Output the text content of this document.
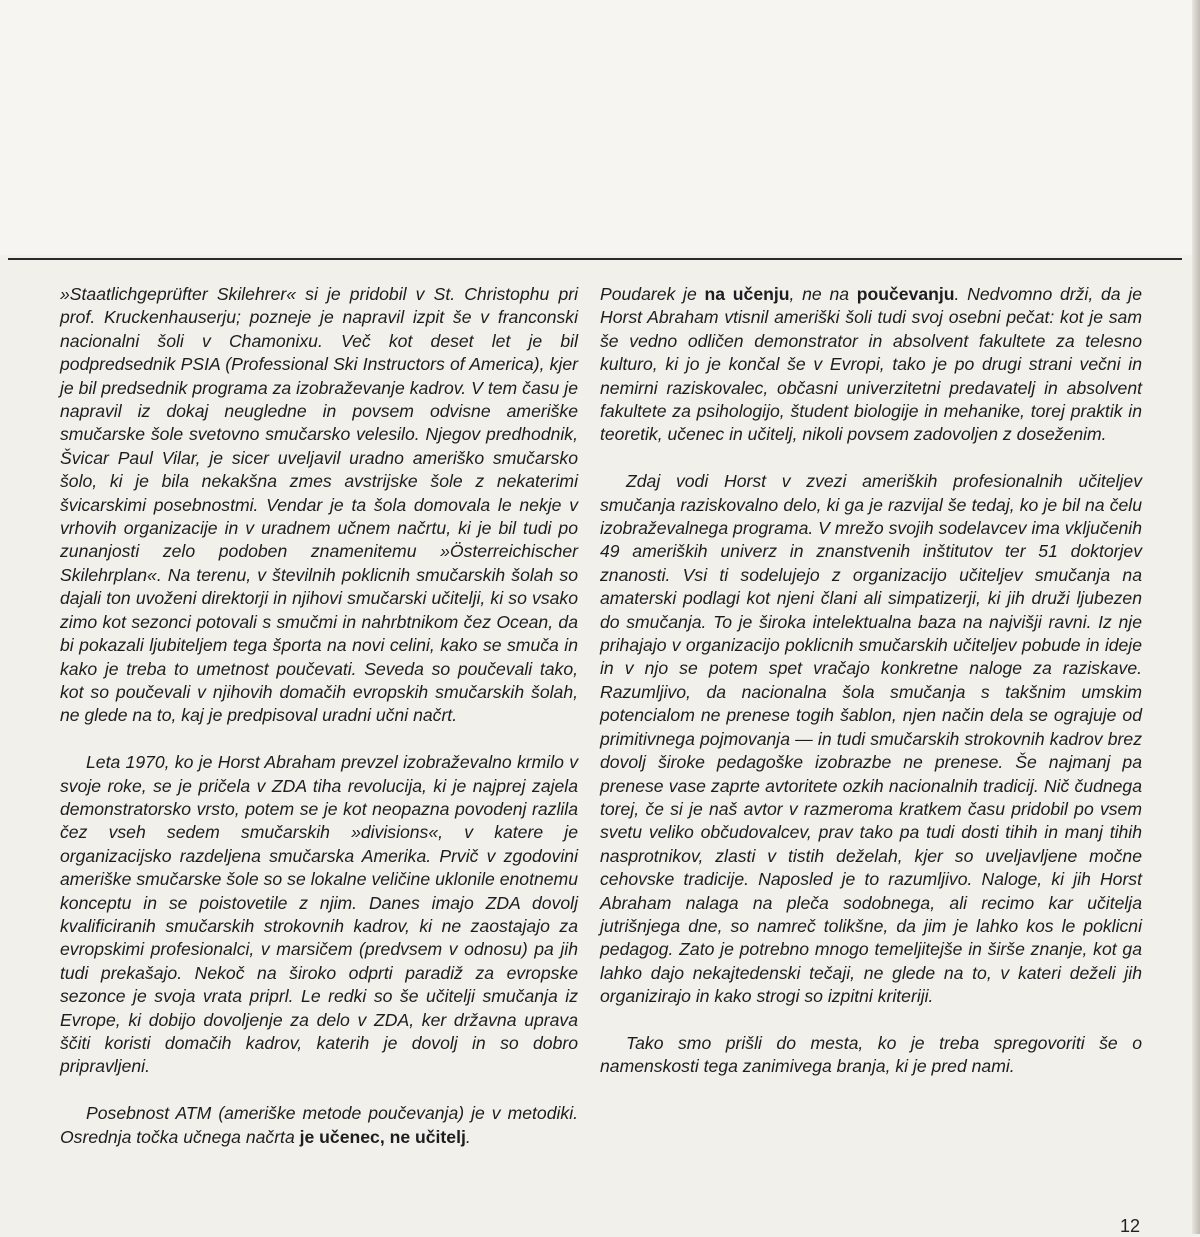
»Staatlichgeprüfter Skilehrer« si je pridobil v St. Christophu pri prof. Kruckenhauserju; pozneje je napravil izpit še v franconski nacionalni šoli v Chamonixu. Več kot deset let je bil podpredsednik PSIA (Professional Ski Instructors of America), kjer je bil predsednik programa za izobraževanje kadrov. V tem času je napravil iz dokaj neugledne in povsem odvisne ameriške smučarske šole svetovno smučarsko velesilo. Njegov predhodnik, Švicar Paul Vilar, je sicer uveljavil uradno ameriško smučarsko šolo, ki je bila nekakšna zmes avstrijske šole z nekaterimi švicarskimi posebnostmi. Vendar je ta šola domovala le nekje v vrhovih organizacije in v uradnem učnem načrtu, ki je bil tudi po zunanjosti zelo podoben znamenitemu »Österreichischer Skilehrplan«. Na terenu, v številnih poklicnih smučarskih šolah so dajali ton uvoženi direktorji in njihovi smučarski učitelji, ki so vsako zimo kot sezonci potovali s smučmi in nahrbtnikom čez Ocean, da bi pokazali ljubiteljem tega športa na novi celini, kako se smuča in kako je treba to umetnost poučevati. Seveda so poučevali tako, kot so poučevali v njihovih domačih evropskih smučarskih šolah, ne glede na to, kaj je predpisoval uradni učni načrt.

Leta 1970, ko je Horst Abraham prevzel izobraževalno krmilo v svoje roke, se je pričela v ZDA tiha revolucija, ki je najprej zajela demonstratorsko vrsto, potem se je kot neopazna povodenj razlila čez vseh sedem smučarskih »divisions«, v katere je organizacijsko razdeljena smučarska Amerika. Prvič v zgodovini ameriške smučarske šole so se lokalne veličine uklonile enotnemu konceptu in se poistovetile z njim. Danes imajo ZDA dovolj kvalificiranih smučarskih strokovnih kadrov, ki ne zaostajajo za evropskimi profesionalci, v marsičem (predvsem v odnosu) pa jih tudi prekašajo. Nekoč na široko odprti paradiž za evropske sezonce je svoja vrata priprl. Le redki so še učitelji smučanja iz Evrope, ki dobijo dovoljenje za delo v ZDA, ker državna uprava ščiti koristi domačih kadrov, katerih je dovolj in so dobro pripravljeni.

Posebnost ATM (ameriške metode poučevanja) je v metodiki. Osrednja točka učnega načrta je učenec, ne učitelj.

Poudarek je na učenju, ne na poučevanju. Nedvomno drži, da je Horst Abraham vtisnil ameriški šoli tudi svoj osebni pečat: kot je sam še vedno odličen demonstrator in absolvent fakultete za telesno kulturo, ki jo je končal še v Evropi, tako je po drugi strani večni in nemirni raziskovalec, občasni univerzitetni predavatelj in absolvent fakultete za psihologijo, študent biologije in mehanike, torej praktik in teoretik, učenec in učitelj, nikoli povsem zadovoljen z doseženim.

Zdaj vodi Horst v zvezi ameriških profesionalnih učiteljev smučanja raziskovalno delo, ki ga je razvijal še tedaj, ko je bil na čelu izobraževalnega programa. V mrežo svojih sodelavcev ima vključenih 49 ameriških univerz in znanstvenih inštitutov ter 51 doktorjev znanosti. Vsi ti sodelujejo z organizacijo učiteljev smučanja na amaterski podlagi kot njeni člani ali simpatizerji, ki jih druži ljubezen do smučanja. To je široka intelektualna baza na najvišji ravni. Iz nje prihajajo v organizacijo poklicnih smučarskih učiteljev pobude in ideje in v njo se potem spet vračajo konkretne naloge za raziskave. Razumljivo, da nacionalna šola smučanja s takšnim umskim potencialom ne prenese togih šablon, njen način dela se ograjuje od primitivnega pojmovanja — in tudi smučarskih strokovnih kadrov brez dovolj široke pedagoške izobrazbe ne prenese. Še najmanj pa prenese vase zaprte avtoritete ozkih nacionalnih tradicij. Nič čudnega torej, če si je naš avtor v razmeroma kratkem času pridobil po vsem svetu veliko občudovalcev, prav tako pa tudi dosti tihih in manj tihih nasprotnikov, zlasti v tistih deželah, kjer so uveljavljene močne cehovske tradicije. Naposled je to razumljivo. Naloge, ki jih Horst Abraham nalaga na pleča sodobnega, ali recimo kar učitelja jutrišnjega dne, so namreč tolikšne, da jim je lahko kos le poklicni pedagog. Zato je potrebno mnogo temeljitejše in širše znanje, kot ga lahko dajo nekajtedenski tečaji, ne glede na to, v kateri deželi jih organizirajo in kako strogi so izpitni kriteriji.

Tako smo prišli do mesta, ko je treba spregovoriti še o namenskosti tega zanimivega branja, ki je pred nami.

12
